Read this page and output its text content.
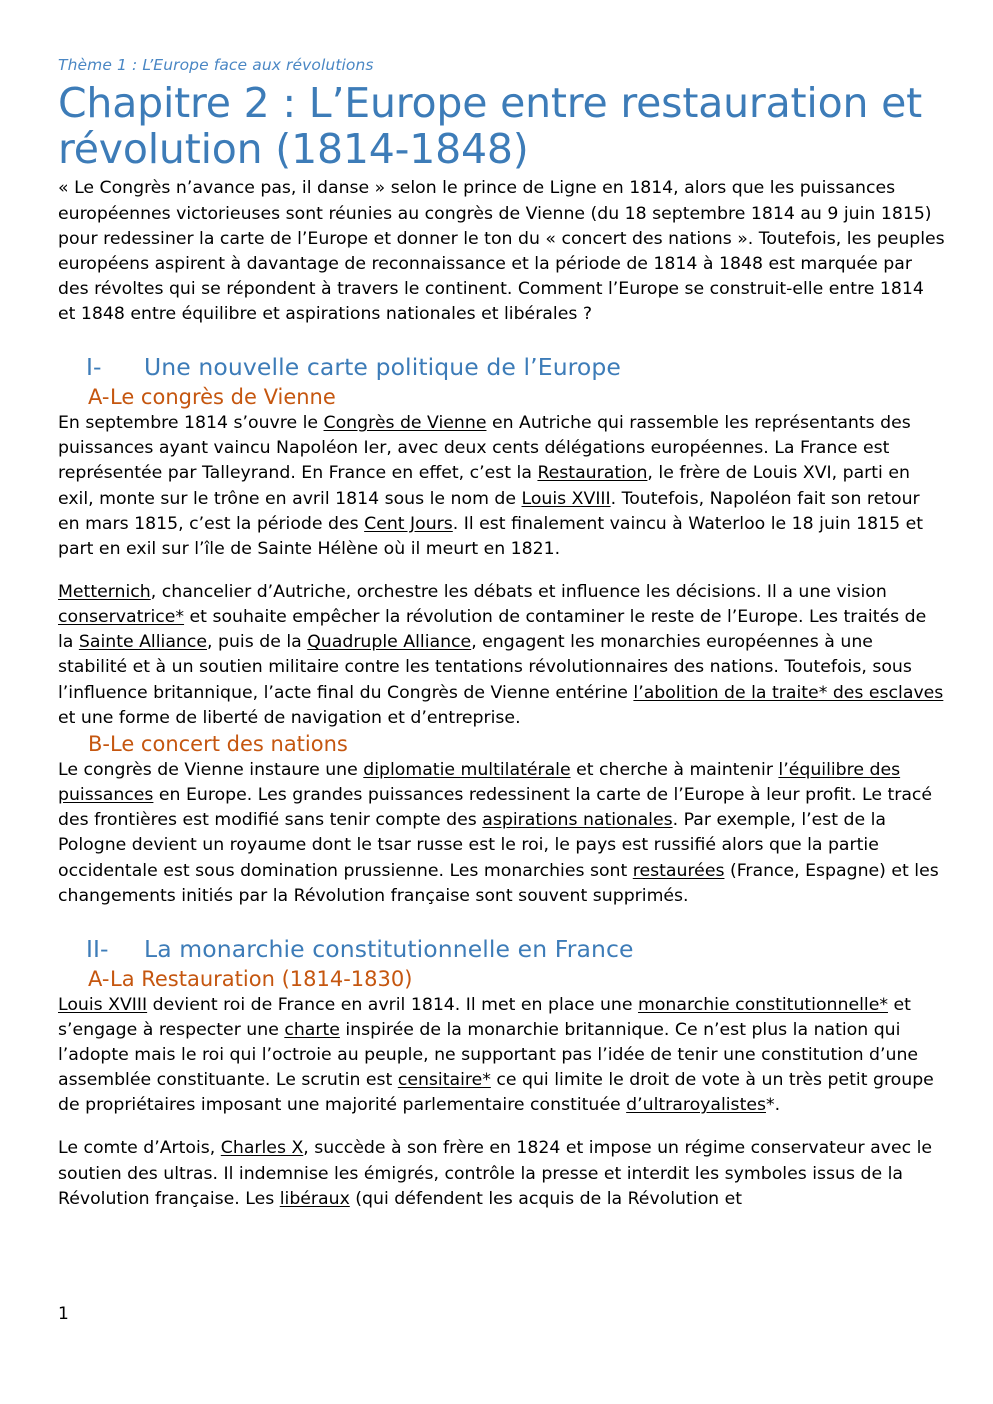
Thème 1 : L’Europe face aux révolutions
Chapitre 2 : L’Europe entre restauration et révolution (1814-1848)

« Le Congrès n’avance pas, il danse » selon le prince de Ligne en 1814, alors que les puissances européennes victorieuses sont réunies au congrès de Vienne (du 18 septembre 1814 au 9 juin 1815) pour redessiner la carte de l’Europe et donner le ton du « concert des nations ». Toutefois, les peuples européens aspirent à davantage de reconnaissance et la période de 1814 à 1848 est marquée par des révoltes qui se répondent à travers le continent. Comment l’Europe se construit-elle entre 1814 et 1848 entre équilibre et aspirations nationales et libérales ?

I- Une nouvelle carte politique de l’Europe
A-Le congrès de Vienne

En septembre 1814 s’ouvre le Congrès de Vienne en Autriche qui rassemble les représentants des puissances ayant vaincu Napoléon Ier, avec deux cents délégations européennes. La France est représentée par Talleyrand. En France en effet, c’est la Restauration, le frère de Louis XVI, parti en exil, monte sur le trône en avril 1814 sous le nom de Louis XVIII. Toutefois, Napoléon fait son retour en mars 1815, c’est la période des Cent Jours. Il est finalement vaincu à Waterloo le 18 juin 1815 et part en exil sur l’île de Sainte Hélène où il meurt en 1821.

Metternich, chancelier d’Autriche, orchestre les débats et influence les décisions. Il a une vision conservatrice* et souhaite empêcher la révolution de contaminer le reste de l’Europe. Les traités de la Sainte Alliance, puis de la Quadruple Alliance, engagent les monarchies européennes à une stabilité et à un soutien militaire contre les tentations révolutionnaires des nations. Toutefois, sous l’influence britannique, l’acte final du Congrès de Vienne entérine l’abolition de la traite* des esclaves et une forme de liberté de navigation et d’entreprise.

B-Le concert des nations

Le congrès de Vienne instaure une diplomatie multilatérale et cherche à maintenir l’équilibre des puissances en Europe. Les grandes puissances redessinent la carte de l’Europe à leur profit. Le tracé des frontières est modifié sans tenir compte des aspirations nationales. Par exemple, l’est de la Pologne devient un royaume dont le tsar russe est le roi, le pays est russifié alors que la partie occidentale est sous domination prussienne. Les monarchies sont restaurées (France, Espagne) et les changements initiés par la Révolution française sont souvent supprimés.

II- La monarchie constitutionnelle en France
A-La Restauration (1814-1830)

Louis XVIII devient roi de France en avril 1814. Il met en place une monarchie constitutionnelle* et s’engage à respecter une charte inspirée de la monarchie britannique. Ce n’est plus la nation qui l’adopte mais le roi qui l’octroie au peuple, ne supportant pas l’idée de tenir une constitution d’une assemblée constituante. Le scrutin est censitaire* ce qui limite le droit de vote à un très petit groupe de propriétaires imposant une majorité parlementaire constituée d’ultraroyalistes*.

Le comte d’Artois, Charles X, succède à son frère en 1824 et impose un régime conservateur avec le soutien des ultras. Il indemnise les émigrés, contrôle la presse et interdit les symboles issus de la Révolution française. Les libéraux (qui défendent les acquis de la Révolution et

1
